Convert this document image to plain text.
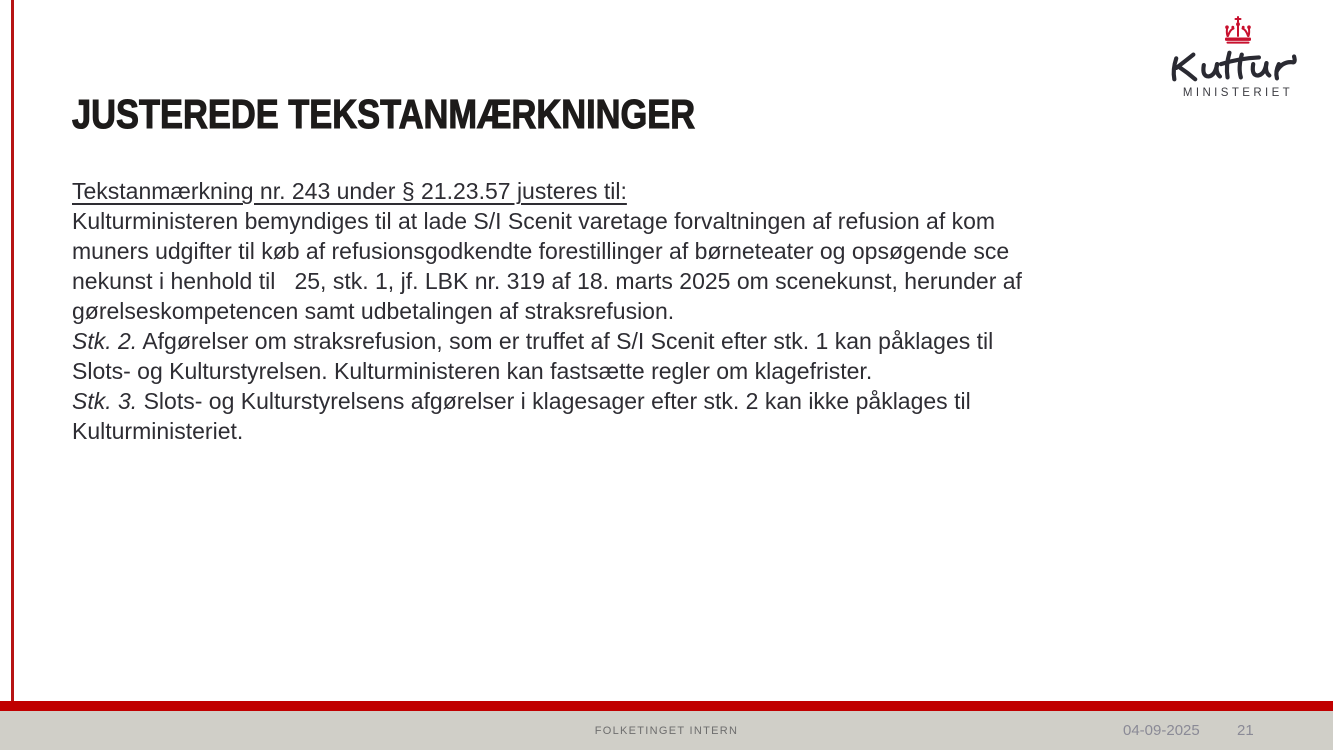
JUSTEREDE TEKSTANMÆRKNINGER	MINISTERIET
Tekstanmærkning nr. 243 under § 21.23.57 justeres til:
Kulturministeren bemyndiges til at lade S/I Scenit varetage forvaltningen af refusion af kom
muners udgifter til køb af refusionsgodkendte forestillinger af børneteater og opsøgende sce
nekunst i henhold til   25, stk. 1, jf. LBK nr. 319 af 18. marts 2025 om scenekunst, herunder af
gørelseskompetencen samt udbetalingen af straksrefusion.
Stk. 2. Afgørelser om straksrefusion, som er truffet af S/I Scenit efter stk. 1 kan påklages til
Slots- og Kulturstyrelsen. Kulturministeren kan fastsætte regler om klagefrister.
Stk. 3. Slots- og Kulturstyrelsens afgørelser i klagesager efter stk. 2 kan ikke påklages til
Kulturministeriet.
FOLKETINGET INTERN	04-09-2025 21
